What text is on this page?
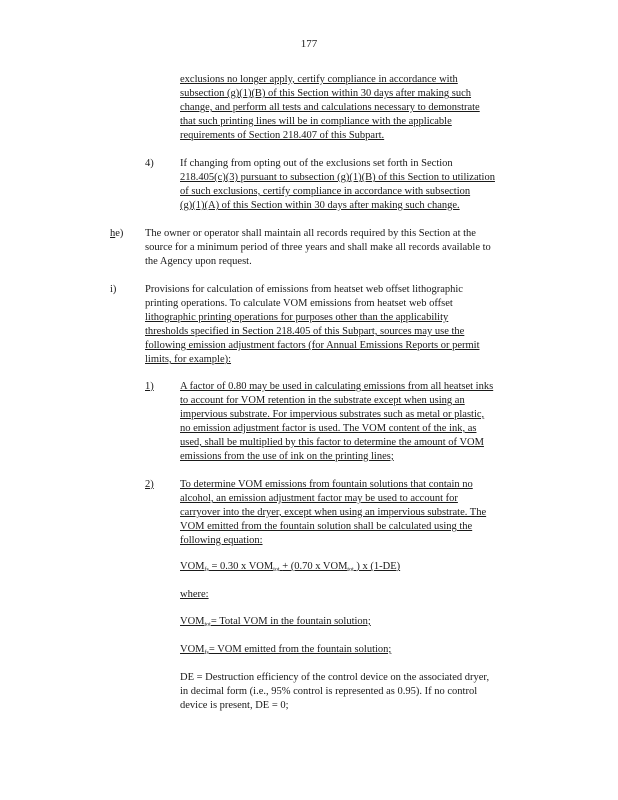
177

exclusions no longer apply, certify compliance in accordance with

subsection (g)(1)(B) of this Section within 30 days after making such

change, and perform all tests and calculations necessary to demonstrate

that such printing lines will be in compliance with the applicable

requirements of Section 218.407 of this Subpart.

4)	If changing from opting out of the exclusions set forth in Section

218.405(c)(3) pursuant to subsection (g)(1)(B) of this Section to utilization

of such exclusions, certify compliance in accordance with subsection

(g)(1)(A) of this Section within 30 days after making such change.

he) The owner or operator shall maintain all records required by this Section at the

source for a minimum period of three years and shall make all records available to

the Agency upon request.

i)	Provisions for calculation of emissions from heatset web offset lithographic

printing operations. To calculate VOM emissions from heatset web offset

lithographic printing operations for purposes other than the applicability

thresholds specified in Section 218.405 of this Subpart, sources may use the

following emission adjustment factors (for Annual Emissions Reports or permit

limits, for example):

1)	A factor of 0.80 may be used in calculating emissions from all heatset inks

to account for VOM retention in the substrate except when using an

impervious substrate. For impervious substrates such as metal or plastic,

no emission adjustment factor is used. The VOM content of the ink, as

used, shall be multiplied by this factor to determine the amount of VOM

emissions from the use of ink on the printing lines;

2)	To determine VOM emissions from fountain solutions that contain no

alcohol, an emission adjustment factor may be used to account for

carryover into the dryer, except when using an impervious substrate. The

VOM emitted from the fountain solution shall be calculated using the

following equation:

$VOM_{fs} = 0.30$ x $VOM_{tot} + (0.70$ x $VOM_{tot}$ ) x (1-DE)
where:
$VOM_{tot}=$ Total VOM in the fountain solution;
$VOM_{fs}=$ VOM emitted from the fountain solution;

DE = Destruction efficiency of the control device on the associated dryer,

in decimal form (i.e., 95% control is represented as 0.95). If no control

device is present, DE = 0;
